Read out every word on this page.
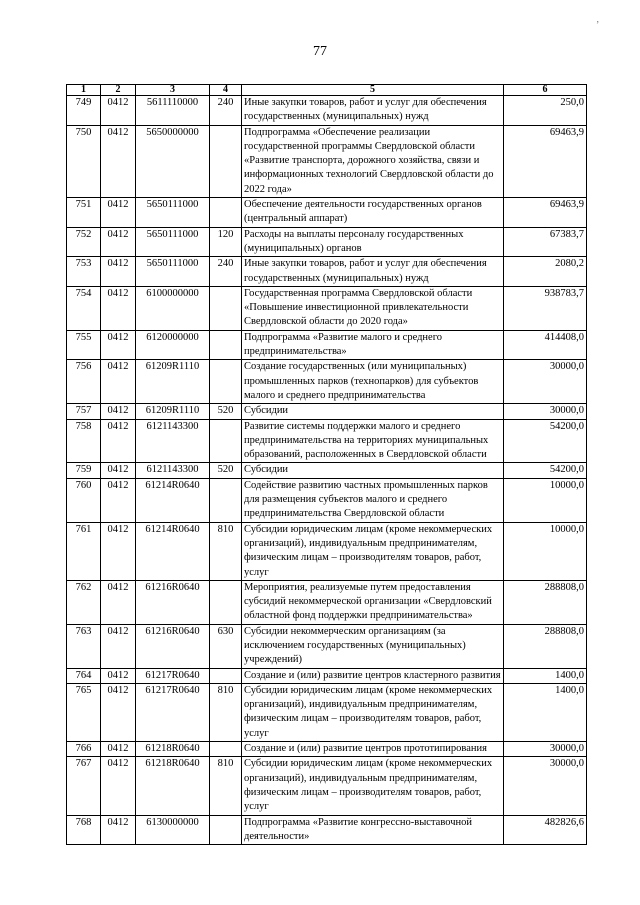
’
77
1	2	3	4	5	6
749	0412	5611110000	240	Иные закупки товаров, работ и услуг для обеспечения государственных (муниципальных) нужд	250,0
750	0412	5650000000		Подпрограмма «Обеспечение реализации государственной программы Свердловской области «Развитие транспорта, дорожного хозяйства, связи и информационных технологий Свердловской области до 2022 года»	69463,9
751	0412	5650111000		Обеспечение деятельности государственных органов (центральный аппарат)	69463,9
752	0412	5650111000	120	Расходы на выплаты персоналу государственных (муниципальных) органов	67383,7
753	0412	5650111000	240	Иные закупки товаров, работ и услуг для обеспечения государственных (муниципальных) нужд	2080,2
754	0412	6100000000		Государственная программа Свердловской области «Повышение инвестиционной привлекательности Свердловской области до 2020 года»	938783,7
755	0412	6120000000		Подпрограмма «Развитие малого и среднего предпринимательства»	414408,0
756	0412	61209R1110		Создание государственных (или муниципальных) промышленных парков (технопарков) для субъектов малого и среднего предпринимательства	30000,0
757	0412	61209R1110	520	Субсидии	30000,0
758	0412	6121143300		Развитие системы поддержки малого и среднего предпринимательства на территориях муниципальных образований, расположенных в Свердловской области	54200,0
759	0412	6121143300	520	Субсидии	54200,0
760	0412	61214R0640		Содействие развитию частных промышленных парков для размещения субъектов малого и среднего предпринимательства Свердловской области	10000,0
761	0412	61214R0640	810	Субсидии юридическим лицам (кроме некоммерческих организаций), индивидуальным предпринимателям, физическим лицам – производителям товаров, работ, услуг	10000,0
762	0412	61216R0640		Мероприятия, реализуемые путем предоставления субсидий некоммерческой организации «Свердловский областной фонд поддержки предпринимательства»	288808,0
763	0412	61216R0640	630	Субсидии некоммерческим организациям (за исключением государственных (муниципальных) учреждений)	288808,0
764	0412	61217R0640		Создание и (или) развитие центров кластерного развития	1400,0
765	0412	61217R0640	810	Субсидии юридическим лицам (кроме некоммерческих организаций), индивидуальным предпринимателям, физическим лицам – производителям товаров, работ, услуг	1400,0
766	0412	61218R0640		Создание и (или) развитие центров прототипирования	30000,0
767	0412	61218R0640	810	Субсидии юридическим лицам (кроме некоммерческих организаций), индивидуальным предпринимателям, физическим лицам – производителям товаров, работ, услуг	30000,0
768	0412	6130000000		Подпрограмма «Развитие конгрессно-выставочной деятельности»	482826,6
